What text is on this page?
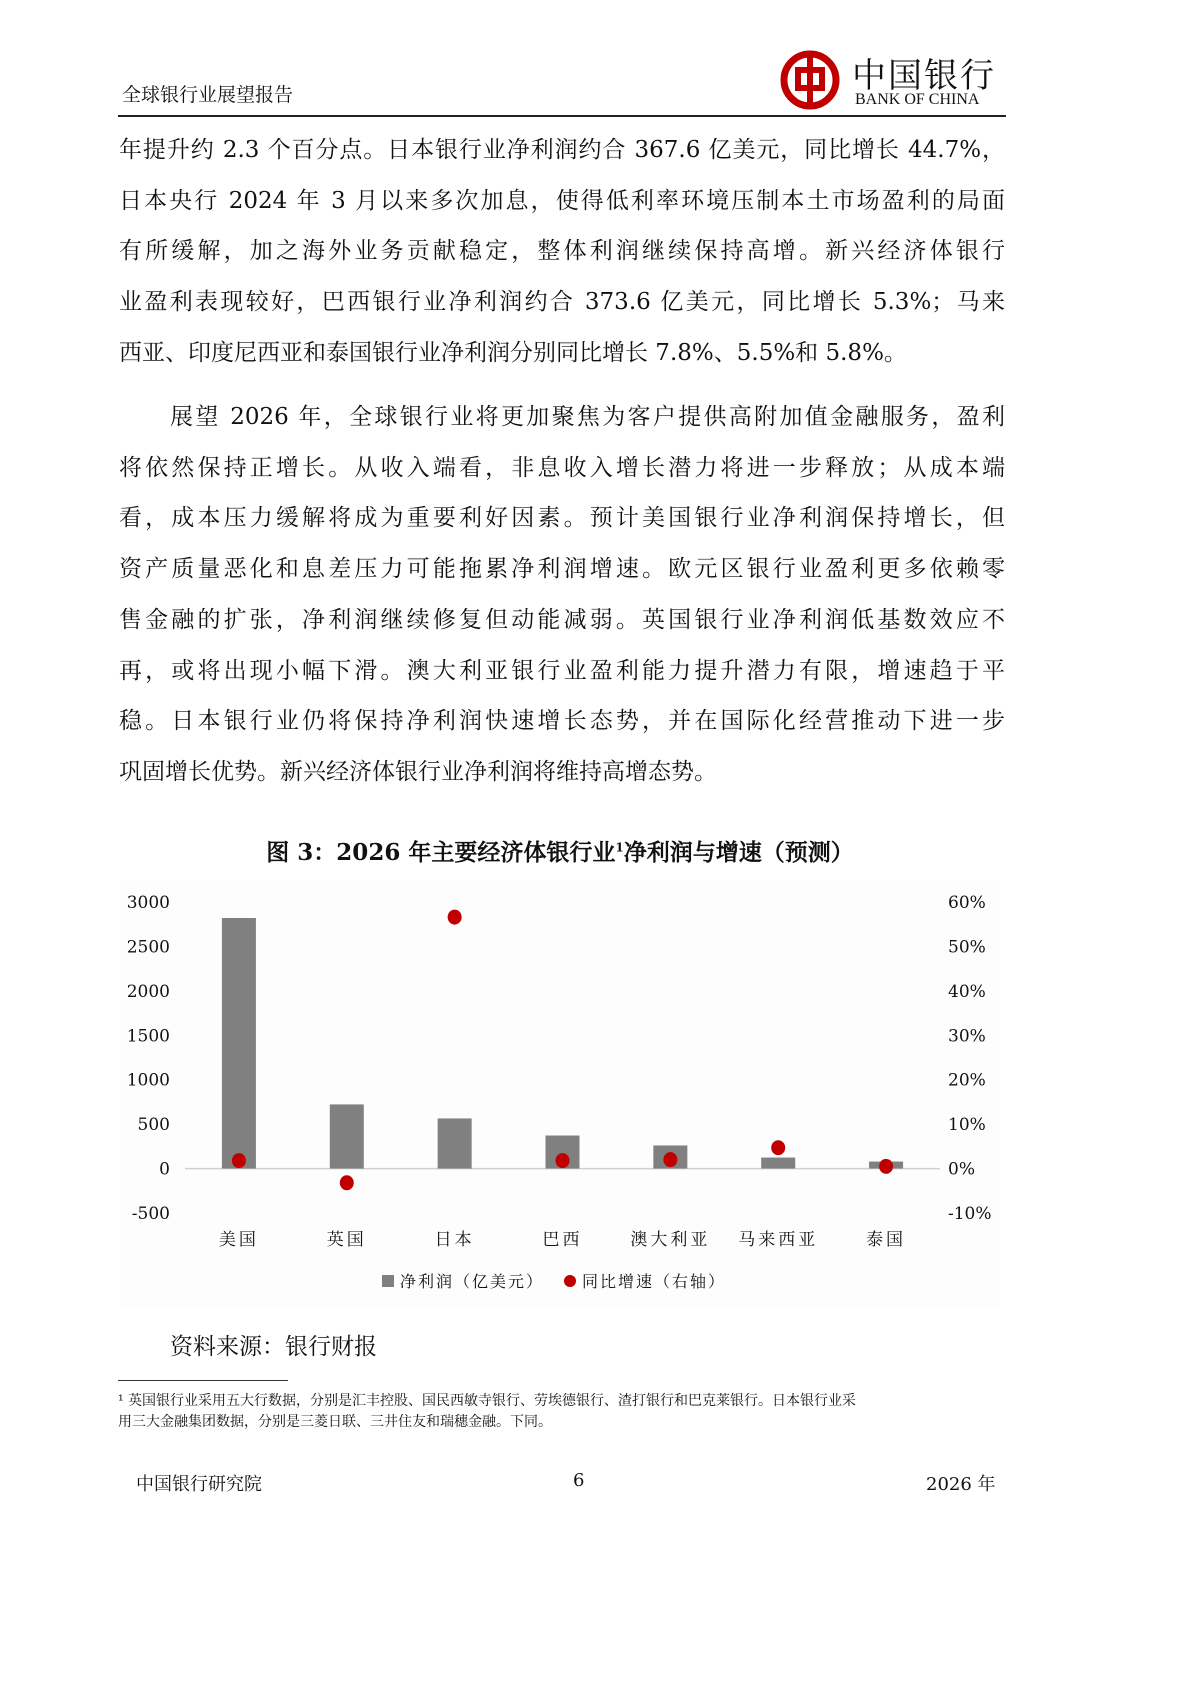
全球银行业展望报告	中国银行
BANK OF CHINA
年提升约 2.3 个百分点。日本银行业净利润约合 367.6 亿美元，同比增长 44.7%，
日本央行 2024 年 3 月以来多次加息，使得低利率环境压制本土市场盈利的局面
有所缓解，加之海外业务贡献稳定，整体利润继续保持高增。新兴经济体银行
业盈利表现较好，巴西银行业净利润约合 373.6 亿美元，同比增长 5.3%；马来
西亚、印度尼西亚和泰国银行业净利润分别同比增长 7.8%、5.5%和 5.8%。
展望 2026 年，全球银行业将更加聚焦为客户提供高附加值金融服务，盈利
将依然保持正增长。从收入端看，非息收入增长潜力将进一步释放；从成本端
看，成本压力缓解将成为重要利好因素。预计美国银行业净利润保持增长，但
资产质量恶化和息差压力可能拖累净利润增速。欧元区银行业盈利更多依赖零
售金融的扩张，净利润继续修复但动能减弱。英国银行业净利润低基数效应不
再，或将出现小幅下滑。澳大利亚银行业盈利能力提升潜力有限，增速趋于平
稳。日本银行业仍将保持净利润快速增长态势，并在国际化经营推动下进一步
巩固增长优势。新兴经济体银行业净利润将维持高增态势。
图 3：2026 年主要经济体银行业$^1$净利润与增速（预测）
3000
2500
2000
1500
1000
500
0
-500
60%
50%
40%
30%
20%
10%
0%
-10%
美国	英国	日本	巴西	澳大利亚 马来西亚	泰国
净利润（亿美元） 同比增速（右轴）
资料来源：银行财报
¹ 英国银行业采用五大行数据，分别是汇丰控股、国民西敏寺银行、劳埃德银行、渣打银行和巴克莱银行。日本银行业采
用三大金融集团数据，分别是三菱日联、三井住友和瑞穗金融。下同。
中国银行研究院	6	2026 年
